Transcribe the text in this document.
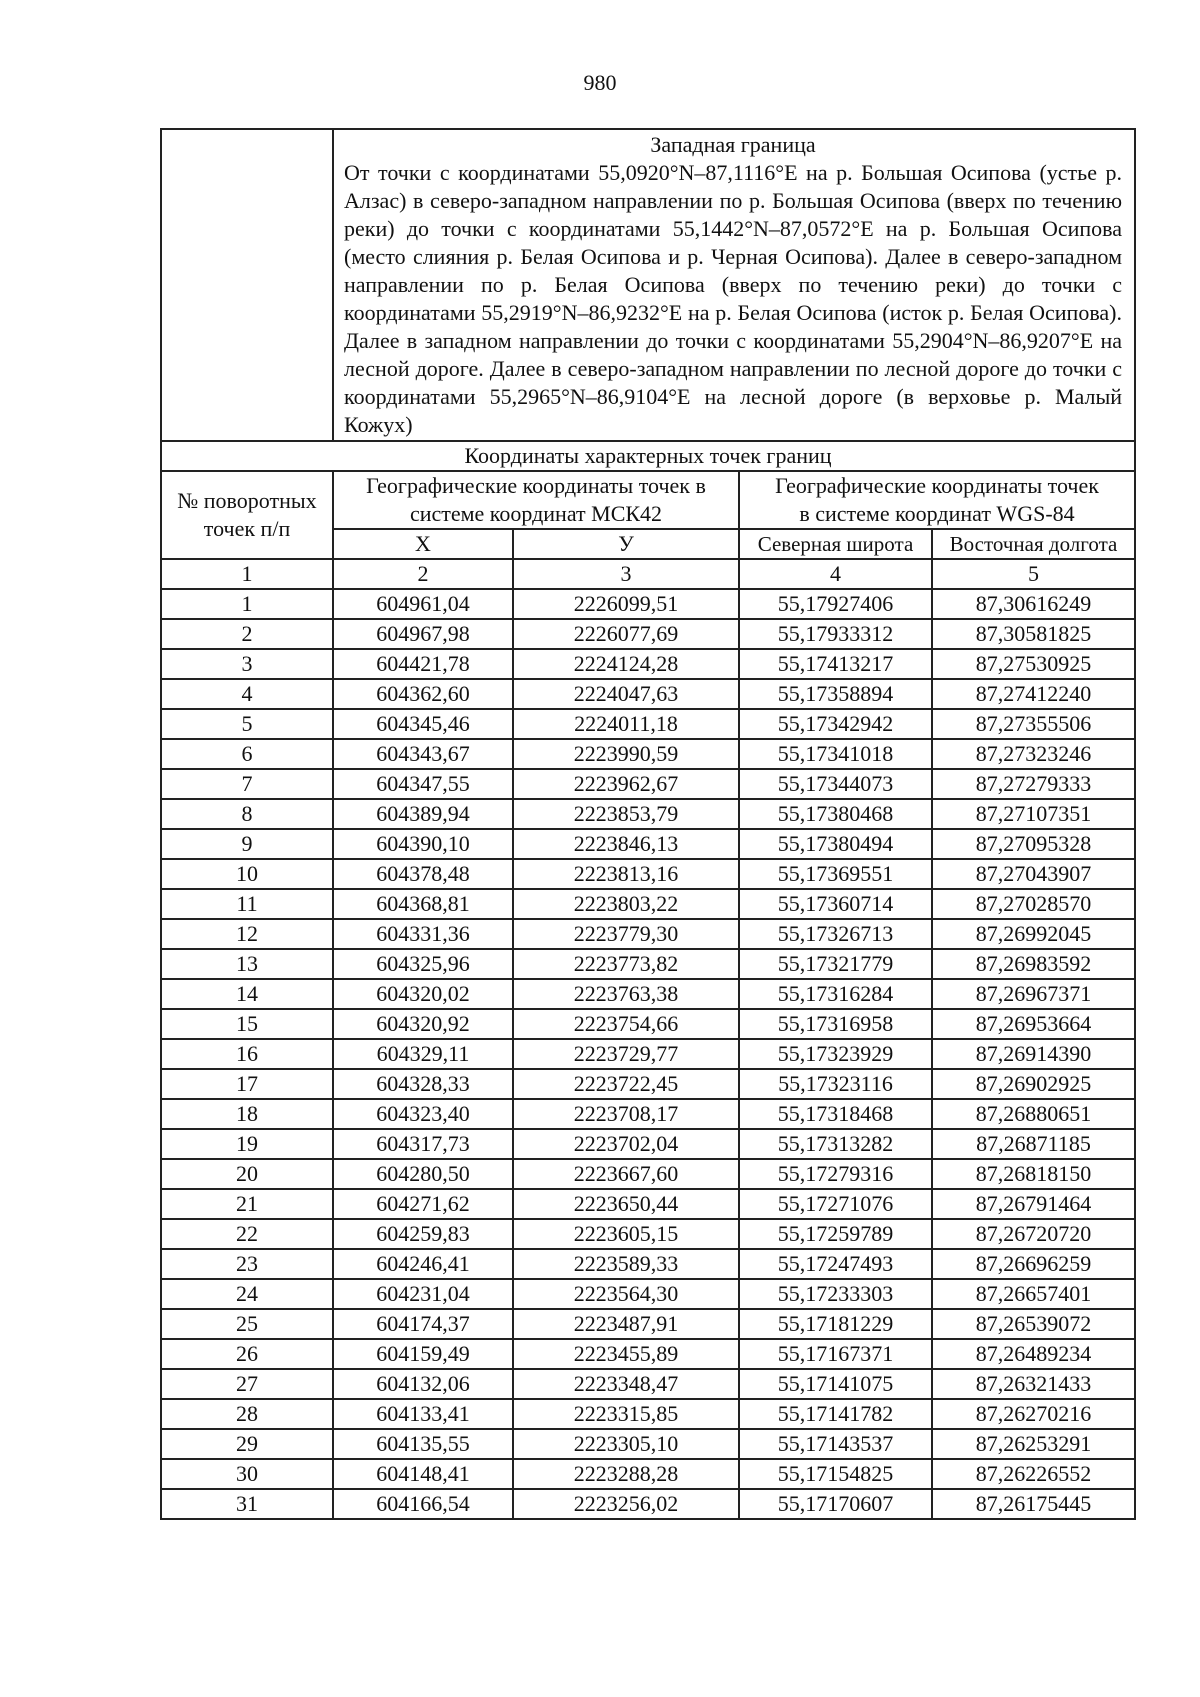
980

	Западная граница

От точки с координатами 55,0920°N–87,1116°E на р. Большая Осипова (устье р. Алзас) в северо-западном направлении по р. Большая Осипова (вверх по течению реки) до точки с координатами 55,1442°N–87,0572°E на р. Большая Осипова (место слияния р. Белая Осипова и р. Черная Осипова). Далее в северо-западном направлении по р. Белая Осипова (вверх по течению реки) до точки с координатами 55,2919°N–86,9232°E на р. Белая Осипова (исток р. Белая Осипова). Далее в западном направлении до точки с координатами 55,2904°N–86,9207°E на лесной дороге. Далее в северо-западном направлении по лесной дороге до точки с координатами 55,2965°N–86,9104°E на лесной дороге (в верховье р. Малый Кожух)			

Координаты характерных точек границ				
№ поворотных точек п/п	Географические координаты точек в системе координат МСК42		Географические координаты точек в системе координат WGS-84	
	Х	У	Северная широта	Восточная долгота
1	2	3	4	5
1	604961,04	2226099,51	55,17927406	87,30616249
2	604967,98	2226077,69	55,17933312	87,30581825
3	604421,78	2224124,28	55,17413217	87,27530925
4	604362,60	2224047,63	55,17358894	87,27412240
5	604345,46	2224011,18	55,17342942	87,27355506
6	604343,67	2223990,59	55,17341018	87,27323246
7	604347,55	2223962,67	55,17344073	87,27279333
8	604389,94	2223853,79	55,17380468	87,27107351
9	604390,10	2223846,13	55,17380494	87,27095328
10	604378,48	2223813,16	55,17369551	87,27043907
11	604368,81	2223803,22	55,17360714	87,27028570
12	604331,36	2223779,30	55,17326713	87,26992045
13	604325,96	2223773,82	55,17321779	87,26983592
14	604320,02	2223763,38	55,17316284	87,26967371
15	604320,92	2223754,66	55,17316958	87,26953664
16	604329,11	2223729,77	55,17323929	87,26914390
17	604328,33	2223722,45	55,17323116	87,26902925
18	604323,40	2223708,17	55,17318468	87,26880651
19	604317,73	2223702,04	55,17313282	87,26871185
20	604280,50	2223667,60	55,17279316	87,26818150
21	604271,62	2223650,44	55,17271076	87,26791464
22	604259,83	2223605,15	55,17259789	87,26720720
23	604246,41	2223589,33	55,17247493	87,26696259
24	604231,04	2223564,30	55,17233303	87,26657401
25	604174,37	2223487,91	55,17181229	87,26539072
26	604159,49	2223455,89	55,17167371	87,26489234
27	604132,06	2223348,47	55,17141075	87,26321433
28	604133,41	2223315,85	55,17141782	87,26270216
29	604135,55	2223305,10	55,17143537	87,26253291
30	604148,41	2223288,28	55,17154825	87,26226552
31	604166,54	2223256,02	55,17170607	87,26175445
